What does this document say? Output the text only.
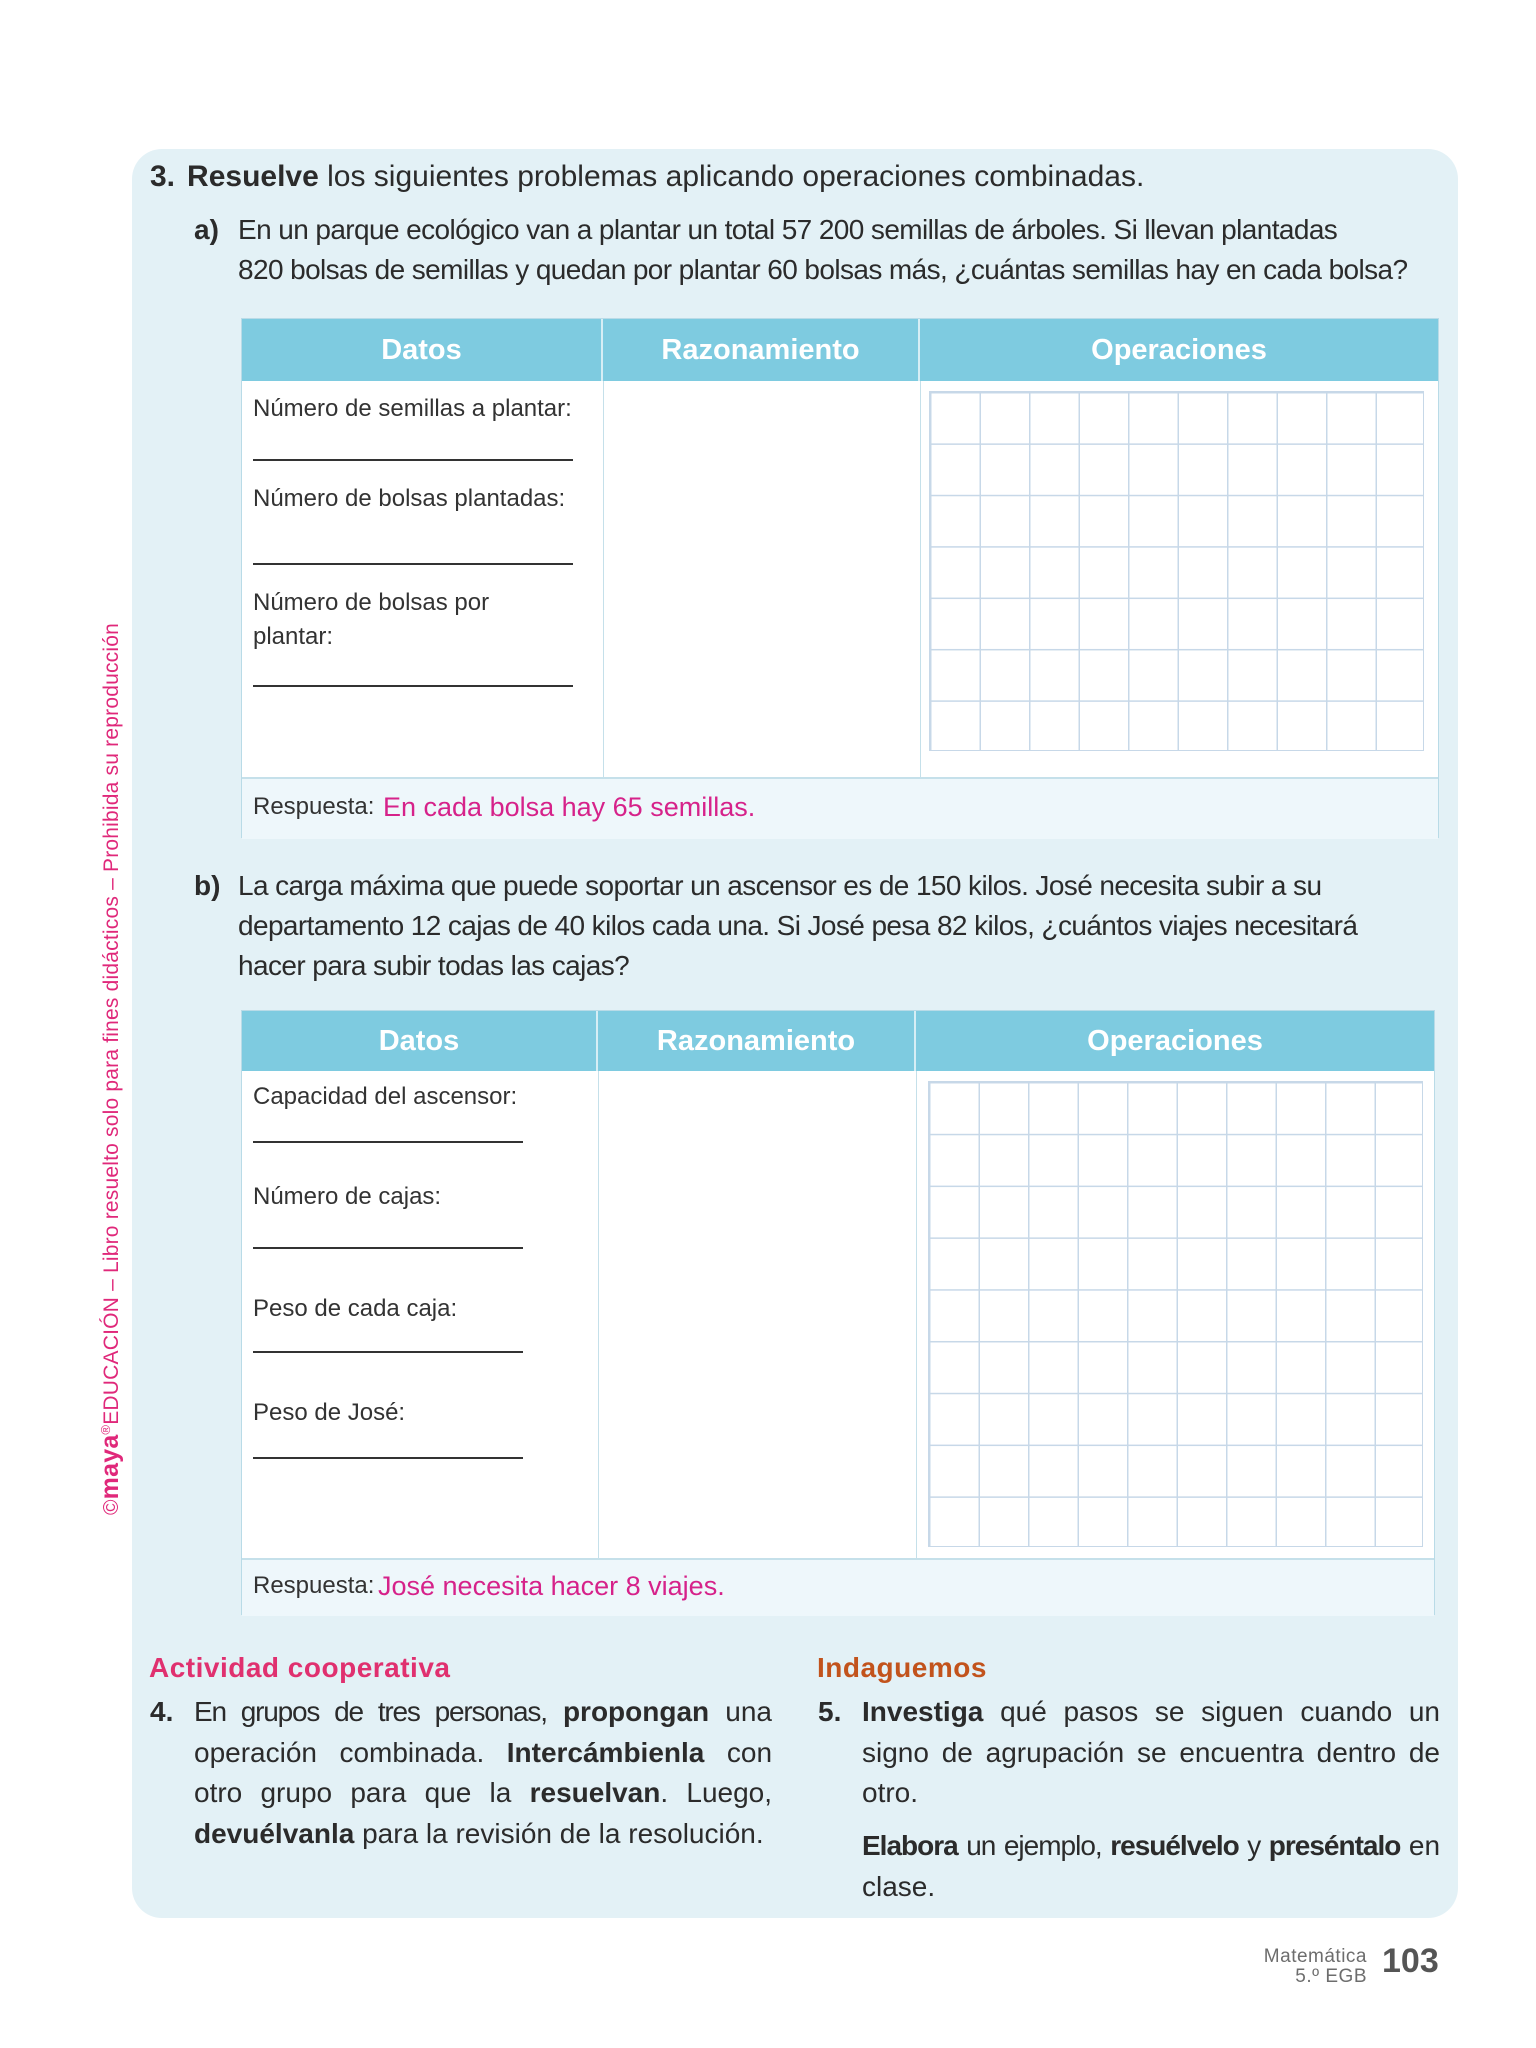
©maya®EDUCACIÓN – Libro resuelto solo para fines didácticos – Prohibida su reproducción
3. Resuelve los siguientes problemas aplicando operaciones combinadas.
a) En un parque ecológico van a plantar un total 57 200 semillas de árboles. Si llevan plantadas
820 bolsas de semillas y quedan por plantar 60 bolsas más, ¿cuántas semillas hay en cada bolsa?
Datos	Razonamiento	Operaciones
Número de semillas a plantar:
Número de bolsas plantadas:
Número de bolsas por
plantar:
Respuesta: En cada bolsa hay 65 semillas.
b) La carga máxima que puede soportar un ascensor es de 150 kilos. José necesita subir a su
departamento 12 cajas de 40 kilos cada una. Si José pesa 82 kilos, ¿cuántos viajes necesitará
hacer para subir todas las cajas?
Datos	Razonamiento	Operaciones
Capacidad del ascensor:
Número de cajas:
Peso de cada caja:
Peso de José:
Respuesta: José necesita hacer 8 viajes.
Actividad cooperativa
4. En grupos de tres personas, propongan una operación combinada. Intercámbienla con otro grupo para que la resuelvan. Luego, devuélvanla para la revisión de la resolución.
Indaguemos
5. Investiga qué pasos se siguen cuando un signo de agrupación se encuentra dentro de otro.
Elabora un ejemplo, resuélvelo y preséntalo en clase.
Matemática
5.º EGB 103
